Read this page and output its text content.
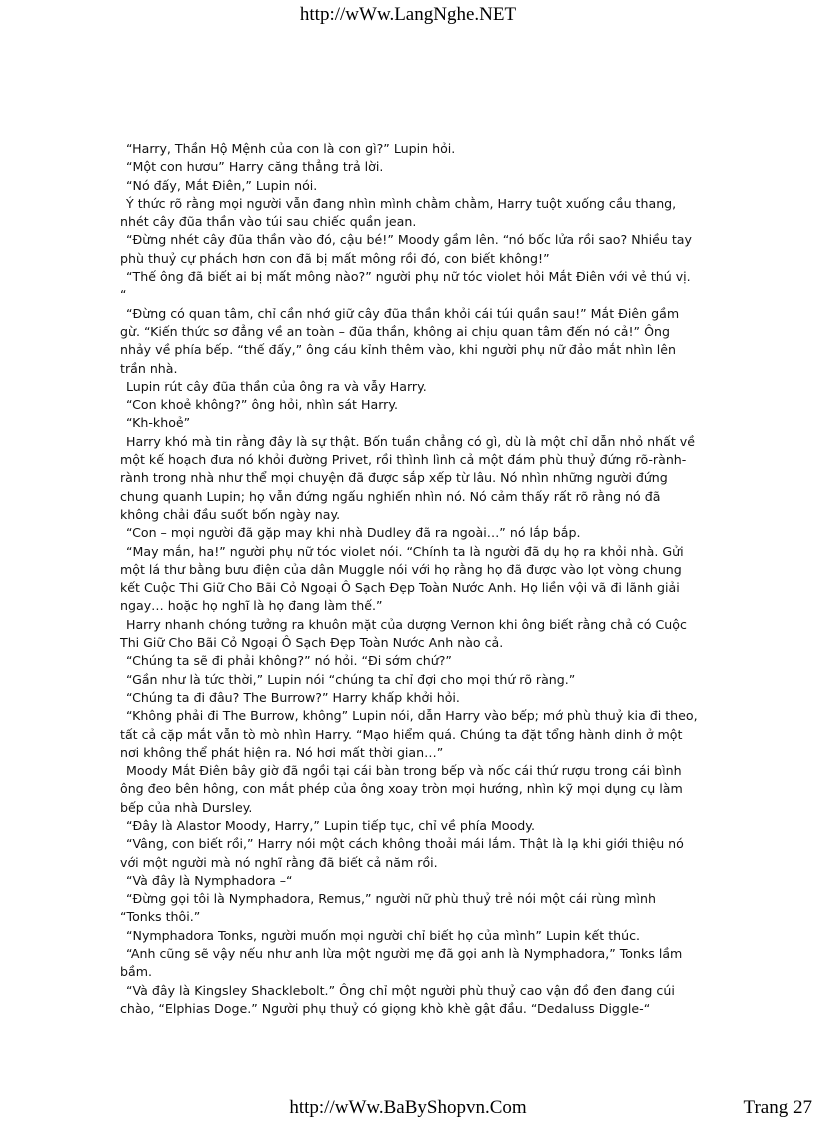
http://wWw.LangNghe.NET

“Harry, Thần Hộ Mệnh của con là con gì?” Lupin hỏi.

“Một con hươu” Harry căng thẳng trả lời.

“Nó đấy, Mắt Điên,” Lupin nói.

Ý thức rõ rằng mọi người vẫn đang nhìn mình chằm chằm, Harry tuột xuống cầu thang, nhét cây đũa thần vào túi sau chiếc quần jean.

“Đừng nhét cây đũa thần vào đó, cậu bé!” Moody gầm lên. “nó bốc lửa rồi sao? Nhiều tay phù thuỷ cự phách hơn con đã bị mất mông rồi đó, con biết không!”

“Thế ông đã biết ai bị mất mông nào?” người phụ nữ tóc violet hỏi Mắt Điên với vẻ thú vị. “

“Đừng có quan tâm, chỉ cần nhớ giữ cây đũa thần khỏi cái túi quần sau!” Mắt Điên gầm gừ. “Kiến thức sơ đẳng về an toàn – đũa thần, không ai chịu quan tâm đến nó cả!” Ông nhảy về phía bếp. “thế đấy,” ông cáu kỉnh thêm vào, khi người phụ nữ đảo mắt nhìn lên trần nhà.

Lupin rút cây đũa thần của ông ra và vẫy Harry.

“Con khoẻ không?” ông hỏi, nhìn sát Harry.

“Kh-khoẻ”

Harry khó mà tin rằng đây là sự thật. Bốn tuần chẳng có gì, dù là một chỉ dẫn nhỏ nhất về một kế hoạch đưa nó khỏi đường Privet, rồi thình lình cả một đám phù thuỷ đứng rõ-rành-rành trong nhà như thể mọi chuyện đã được sắp xếp từ lâu. Nó nhìn những người đứng chung quanh Lupin; họ vẫn đứng ngấu nghiến nhìn nó. Nó cảm thấy rất rõ rằng nó đã không chải đầu suốt bốn ngày nay.

“Con – mọi người đã gặp may khi nhà Dudley đã ra ngoài…” nó lắp bắp.

“May mắn, ha!” người phụ nữ tóc violet nói. “Chính ta là người đã dụ họ ra khỏi nhà. Gửi một lá thư bằng bưu điện của dân Muggle nói với họ rằng họ đã được vào lọt vòng chung kết Cuộc Thi Giữ Cho Bãi Cỏ Ngoại Ô Sạch Đẹp Toàn Nước Anh. Họ liền vội vã đi lãnh giải ngay… hoặc họ nghĩ là họ đang làm thế.”

Harry nhanh chóng tưởng ra khuôn mặt của dượng Vernon khi ông biết rằng chả có Cuộc Thi Giữ Cho Bãi Cỏ Ngoại Ô Sạch Đẹp Toàn Nước Anh nào cả.

“Chúng ta sẽ đi phải không?” nó hỏi. “Đi sớm chứ?”

“Gần như là tức thời,” Lupin nói “chúng ta chỉ đợi cho mọi thứ rõ ràng.”

“Chúng ta đi đâu? The Burrow?” Harry khấp khởi hỏi.

“Không phải đi The Burrow, không” Lupin nói, dẫn Harry vào bếp; mớ phù thuỷ kia đi theo, tất cả cặp mắt vẫn tò mò nhìn Harry. “Mạo hiểm quá. Chúng ta đặt tổng hành dinh ở một nơi không thể phát hiện ra. Nó hơi mất thời gian…”

Moody Mắt Điên bây giờ đã ngồi tại cái bàn trong bếp và nốc cái thứ rượu trong cái bình ông đeo bên hông, con mắt phép của ông xoay tròn mọi hướng, nhìn kỹ mọi dụng cụ làm bếp của nhà Dursley.

“Đây là Alastor Moody, Harry,” Lupin tiếp tục, chỉ về phía Moody.

“Vâng, con biết rồi,” Harry nói một cách không thoải mái lắm. Thật là lạ khi giới thiệu nó với một người mà nó nghĩ rằng đã biết cả năm rồi.

“Và đây là Nymphadora –“

“Đừng gọi tôi là Nymphadora, Remus,” người nữ phù thuỷ trẻ nói một cái rùng mình “Tonks thôi.”

“Nymphadora Tonks, người muốn mọi người chỉ biết họ của mình” Lupin kết thúc.

“Anh cũng sẽ vậy nếu như anh lừa một người mẹ đã gọi anh là Nymphadora,” Tonks lầm bầm.

“Và đây là Kingsley Shacklebolt.” Ông chỉ một người phù thuỷ cao vận đồ đen đang cúi chào, “Elphias Doge.” Người phụ thuỷ có giọng khò khè gật đầu. “Dedaluss Diggle-“

http://wWw.BaByShopvn.Com	Trang 27
